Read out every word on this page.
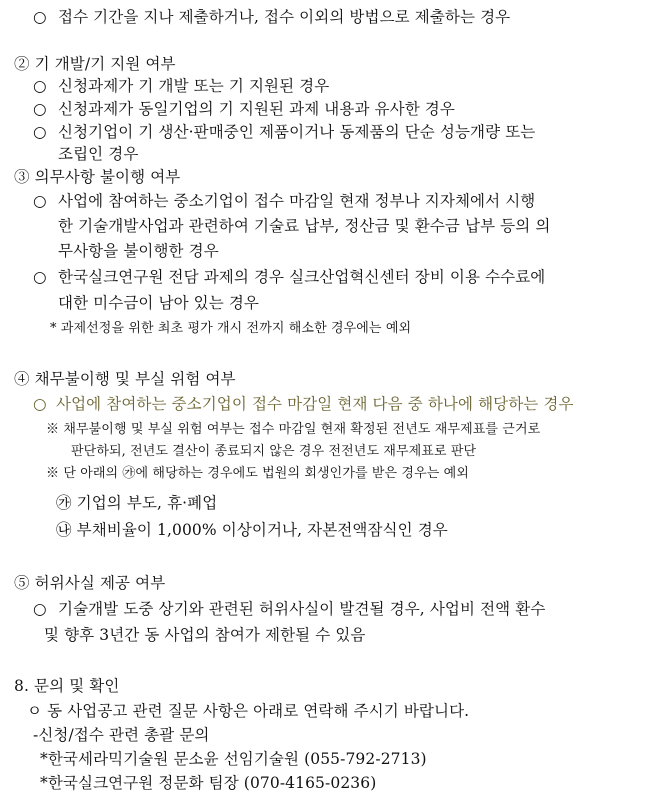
○ 접수 기간을 지나 제출하거나, 접수 이외의 방법으로 제출하는 경우
② 기 개발/기 지원 여부
○ 신청과제가 기 개발 또는 기 지원된 경우
○ 신청과제가 동일기업의 기 지원된 과제 내용과 유사한 경우
○ 신청기업이 기 생산·판매중인 제품이거나 동제품의 단순 성능개량 또는
조립인 경우
③ 의무사항 불이행 여부
○ 사업에 참여하는 중소기업이 접수 마감일 현재 정부나 지자체에서 시행
한 기술개발사업과 관련하여 기술료 납부, 정산금 및 환수금 납부 등의 의
무사항을 불이행한 경우
○ 한국실크연구원 전담 과제의 경우 실크산업혁신센터 장비 이용 수수료에
대한 미수금이 남아 있는 경우
* 과제선정을 위한 최초 평가 개시 전까지 해소한 경우에는 예외
④ 채무불이행 및 부실 위험 여부
○ 사업에 참여하는 중소기업이 접수 마감일 현재 다음 중 하나에 해당하는 경우
※ 채무불이행 및 부실 위험 여부는 접수 마감일 현재 확정된 전년도 재무제표를 근거로
판단하되, 전년도 결산이 종료되지 않은 경우 전전년도 재무제표로 판단
※ 단 아래의 ㉮에 해당하는 경우에도 법원의 회생인가를 받은 경우는 예외
㉮ 기업의 부도, 휴·폐업
㉯ 부채비율이 1,000% 이상이거나, 자본전액잠식인 경우
⑤ 허위사실 제공 여부
○ 기술개발 도중 상기와 관련된 허위사실이 발견될 경우, 사업비 전액 환수
및 향후 3년간 동 사업의 참여가 제한될 수 있음
8. 문의 및 확인
ㅇ 동 사업공고 관련 질문 사항은 아래로 연락해 주시기 바랍니다.
-신청/접수 관련 총괄 문의
*한국세라믹기술원 문소윤 선임기술원 (055-792-2713)
*한국실크연구원 정문화 팀장 (070-4165-0236)
